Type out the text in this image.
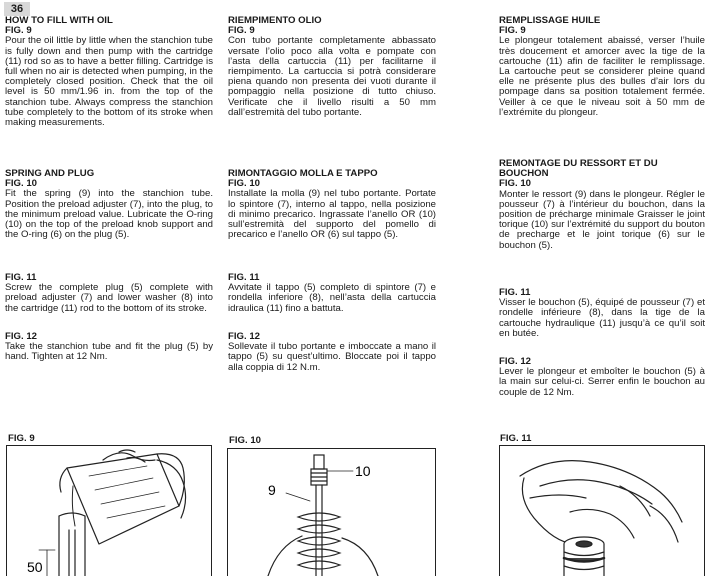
36
HOW TO FILL WITH OIL
FIG. 9

Pour the oil little by little when the stanchion tube is fully down and then pump with the cartridge (11) rod so as to have a better filling. Cartridge is full when no air is detected when pumping, in the completely closed position. Check that the oil level is 50 mm/1.96 in. from the top of the stanchion tube. Always compress the stanchion tube completely to the bottom of its stroke when making measurements.

SPRING AND PLUG
FIG. 10

Fit the spring (9) into the stanchion tube. Position the preload adjuster (7), into the plug, to the minimum preload value. Lubricate the O-ring (10) on the top of the preload knob support and the O-ring (6) on the plug (5).

FIG. 11

Screw the complete plug (5) complete with preload adjuster (7) and lower washer (8) into the cartridge (11) rod to the bottom of its stroke.

FIG. 12

Take the stanchion tube and fit the plug (5) by hand. Tighten at 12 Nm.

RIEMPIMENTO OLIO
FIG. 9

Con tubo portante completamente abbassato versate l’olio poco alla volta e pompate con l’asta della cartuccia (11) per facilitarne il riempimento. La cartuccia si potrà considerare piena quando non presenta dei vuoti durante il pompaggio nella posizione di tutto chiuso. Verificate che il livello risulti a 50 mm dall’estremità del tubo portante.

RIMONTAGGIO MOLLA E TAPPO
FIG. 10

Installate la molla (9) nel tubo portante. Portate lo spintore (7), interno al tappo, nella posizione di minimo precarico. Ingrassate l’anello OR (10) sull’estremità del supporto del pomello di precarico e l’anello OR (6) sul tappo (5).

FIG. 11

Avvitate il tappo (5) completo di spintore (7) e rondella inferiore (8), nell’asta della cartuccia idraulica (11) fino a battuta.

FIG. 12

Sollevate il tubo portante e imboccate a mano il tappo (5) su quest’ultimo. Bloccate poi il tappo alla coppia di 12 N.m.

REMPLISSAGE HUILE
FIG. 9

Le plongeur totalement abaissé, verser l’huile très doucement et amorcer avec la tige de la cartouche (11) afin de faciliter le remplissage. La cartouche peut se considerer pleine quand elle ne présente plus des bulles d’air lors du pompage dans sa position totalement fermée. Veiller à ce que le niveau soit à 50 mm de l’extrémite du plongeur.

REMONTAGE DU RESSORT ET DU BOUCHON
FIG. 10

Monter le ressort (9) dans le plongeur. Régler le pousseur (7) à l’intérieur du bouchon, dans la position de précharge minimale Graisser le joint torique (10) sur l’extrémité du support du bouton de precharge et le joint torique (6) sur le bouchon (5).

FIG. 11

Visser le bouchon (5), équipé de pousseur (7) et rondelle inférieure (8), dans la tige de la cartouche hydraulique (11) jusqu’à ce qu’il soit en butée.

FIG. 12

Lever le plongeur et emboîter le bouchon (5) à la main sur celui-ci. Serrer enfin le bouchon au couple de 12 Nm.

FIG. 9
50
FIG. 10
10
9
FIG. 11
